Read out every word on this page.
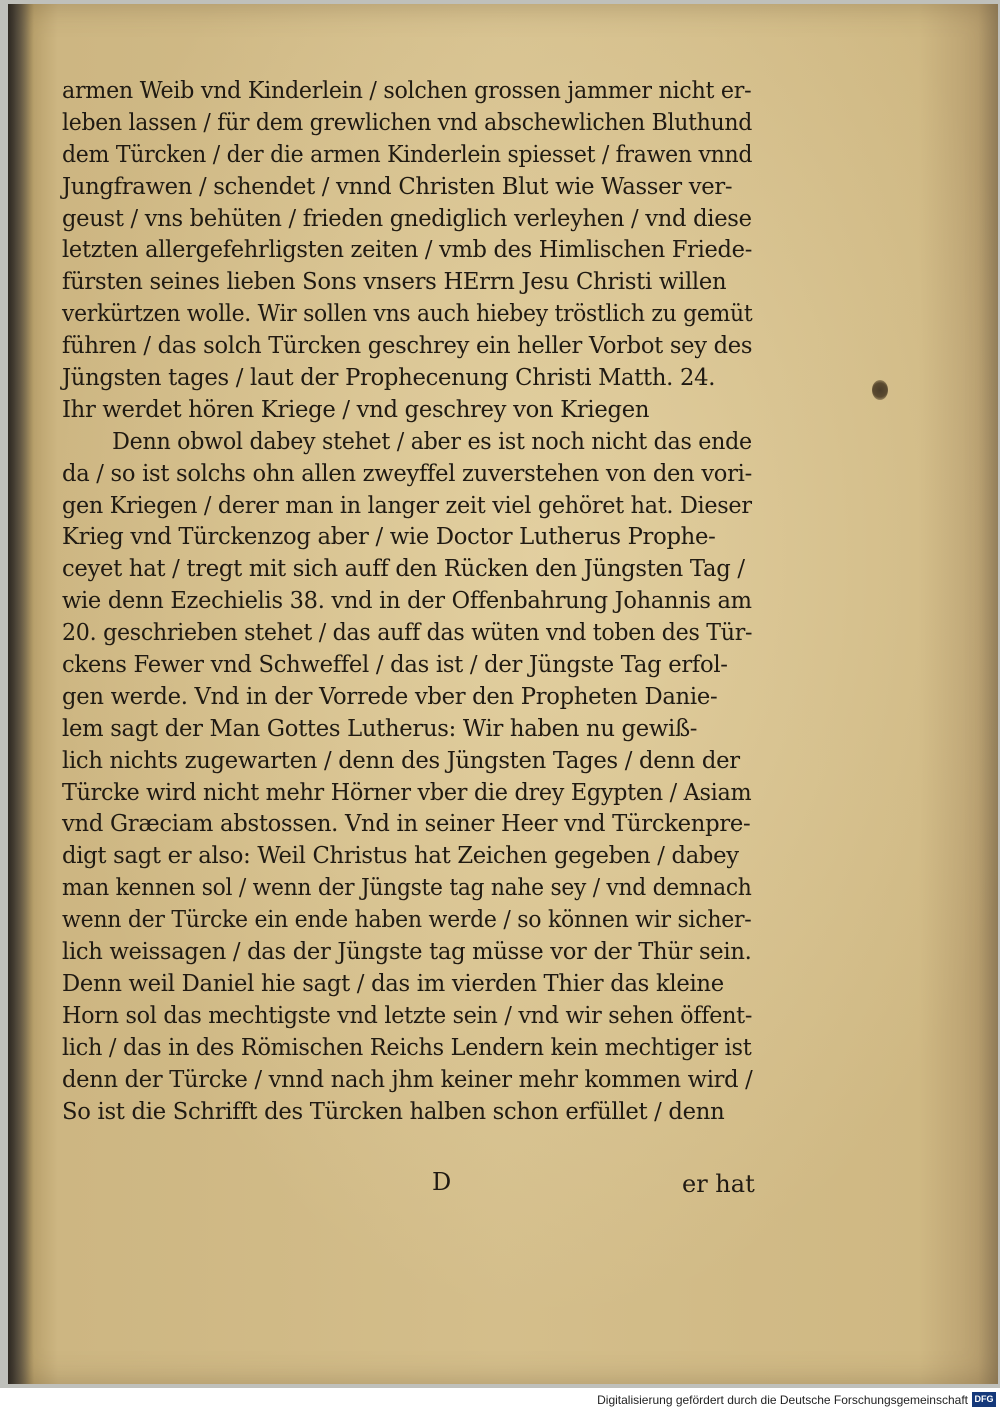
armen Weib vnd Kinderlein / solchen grossen jammer nicht er-
leben lassen / für dem grewlichen vnd abschewlichen Bluthund
dem Türcken / der die armen Kinderlein spiesset / frawen vnnd
Jungfrawen / schendet / vnnd Christen Blut wie Wasser ver-
geust / vns behüten / frieden gnediglich verleyhen / vnd diese
letzten allergefehrligsten zeiten / vmb des Himlischen Friede-
fürsten seines lieben Sons vnsers HErrn Jesu Christi willen
verkürtzen wolle. Wir sollen vns auch hiebey tröstlich zu gemüt
führen / das solch Türcken geschrey ein heller Vorbot sey des
Jüngsten tages / laut der Prophecenung Christi Matth. 24.
Ihr werdet hören Kriege / vnd geschrey von Kriegen
Denn obwol dabey stehet / aber es ist noch nicht das ende
da / so ist solchs ohn allen zweyffel zuverstehen von den vori-
gen Kriegen / derer man in langer zeit viel gehöret hat. Dieser
Krieg vnd Türckenzog aber / wie Doctor Lutherus Prophe-
ceyet hat / tregt mit sich auff den Rücken den Jüngsten Tag /
wie denn Ezechielis 38. vnd in der Offenbahrung Johannis am
20. geschrieben stehet / das auff das wüten vnd toben des Tür-
ckens Fewer vnd Schweffel / das ist / der Jüngste Tag erfol-
gen werde. Vnd in der Vorrede vber den Propheten Danie-
lem sagt der Man Gottes Lutherus: Wir haben nu gewiß-
lich nichts zugewarten / denn des Jüngsten Tages / denn der
Türcke wird nicht mehr Hörner vber die drey Egypten / Asiam
vnd Græciam abstossen. Vnd in seiner Heer vnd Türckenpre-
digt sagt er also: Weil Christus hat Zeichen gegeben / dabey
man kennen sol / wenn der Jüngste tag nahe sey / vnd demnach
wenn der Türcke ein ende haben werde / so können wir sicher-
lich weissagen / das der Jüngste tag müsse vor der Thür sein.
Denn weil Daniel hie sagt / das im vierden Thier das kleine
Horn sol das mechtigste vnd letzte sein / vnd wir sehen öffent-
lich / das in des Römischen Reichs Lendern kein mechtiger ist
denn der Türcke / vnnd nach jhm keiner mehr kommen wird /
So ist die Schrifft des Türcken halben schon erfüllet / denn
D	er hat
Digitalisierung gefördert durch die Deutsche Forschungsgemeinschaft DFG
